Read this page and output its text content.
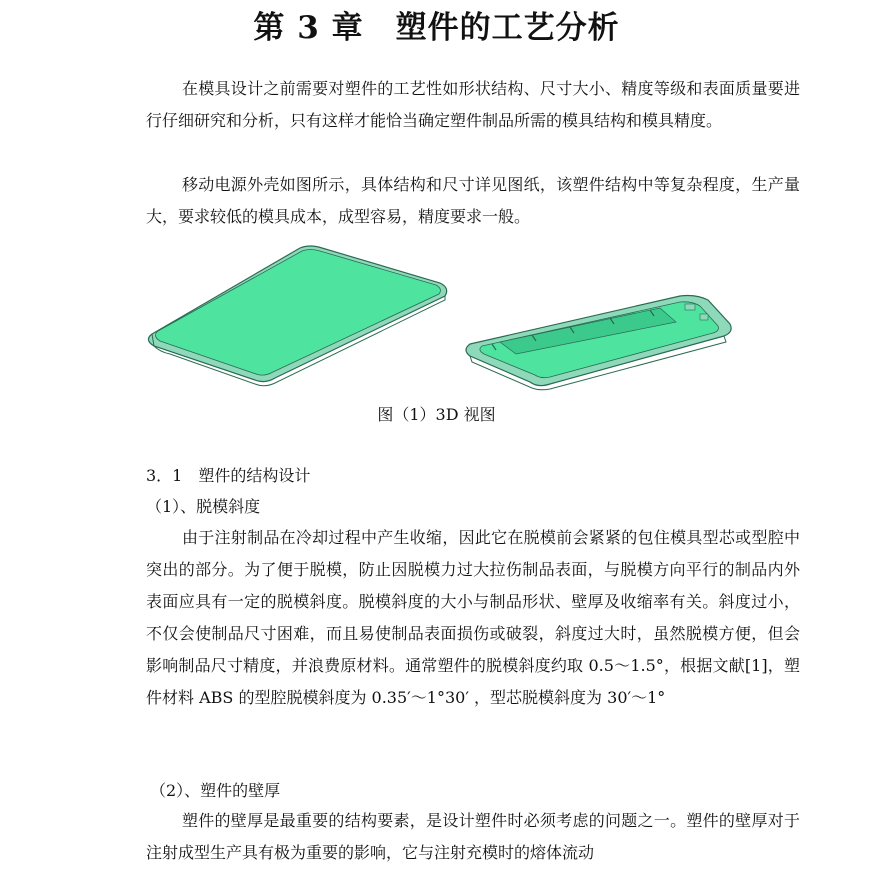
第 3 章　塑件的工艺分析

在模具设计之前需要对塑件的工艺性如形状结构、尺寸大小、精度等级和表面质量要进行仔细研究和分析，只有这样才能恰当确定塑件制品所需的模具结构和模具精度。

移动电源外壳如图所示，具体结构和尺寸详见图纸，该塑件结构中等复杂程度，生产量大，要求较低的模具成本，成型容易，精度要求一般。

图（1）3D 视图

3．1　塑件的结构设计

（1）、脱模斜度

由于注射制品在冷却过程中产生收缩，因此它在脱模前会紧紧的包住模具型芯或型腔中突出的部分。为了便于脱模，防止因脱模力过大拉伤制品表面，与脱模方向平行的制品内外表面应具有一定的脱模斜度。脱模斜度的大小与制品形状、壁厚及收缩率有关。斜度过小，不仅会使制品尺寸困难，而且易使制品表面损伤或破裂，斜度过大时，虽然脱模方便，但会影响制品尺寸精度，并浪费原材料。通常塑件的脱模斜度约取 0.5～1.5°，根据文献[1]，塑件材料 ABS 的型腔脱模斜度为 0.35′～1°30′ ，型芯脱模斜度为 30′～1°

（2）、塑件的壁厚

塑件的壁厚是最重要的结构要素，是设计塑件时必须考虑的问题之一。塑件的壁厚对于注射成型生产具有极为重要的影响，它与注射充模时的熔体流动
